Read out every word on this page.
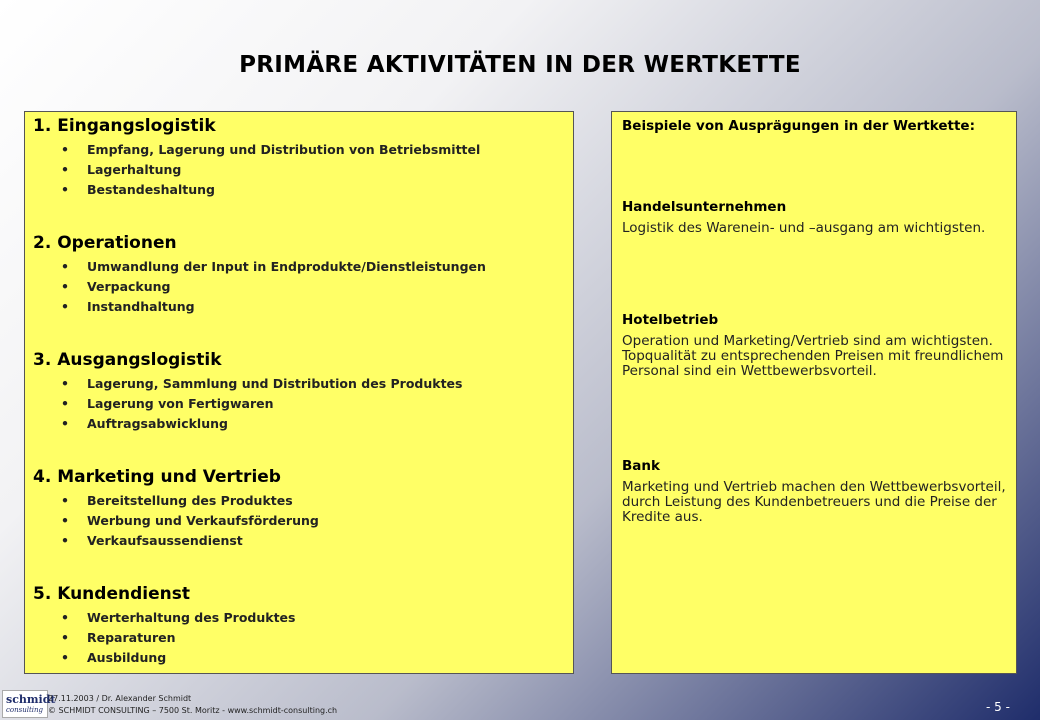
PRIMÄRE AKTIVITÄTEN IN DER WERTKETTE

1. Eingangslogistik

• Empfang, Lagerung und Distribution von Betriebsmittel
• Lagerhaltung
• Bestandeshaltung

2. Operationen

• Umwandlung der Input in Endprodukte/Dienstleistungen
• Verpackung
• Instandhaltung

3. Ausgangslogistik

• Lagerung, Sammlung und Distribution des Produktes
• Lagerung von Fertigwaren
• Auftragsabwicklung

4. Marketing und Vertrieb

• Bereitstellung des Produktes
• Werbung und Verkaufsförderung
• Verkaufsaussendienst

5. Kundendienst

• Werterhaltung des Produktes
• Reparaturen
• Ausbildung

Beispiele von Ausprägungen in der Wertkette:

Handelsunternehmen

Logistik des Warenein- und –ausgang am wichtigsten.

Hotelbetrieb

Operation und Marketing/Vertrieb sind am wichtigsten. Topqualität zu entsprechenden Preisen mit freundlichem Personal sind ein Wettbewerbsvorteil.

Bank

Marketing und Vertrieb machen den Wettbewerbsvorteil, durch Leistung des Kundenbetreuers und die Preise der Kredite aus.

schmidt
consulting
27.11.2003 / Dr. Alexander Schmidt
© SCHMIDT CONSULTING – 7500 St. Moritz - www.schmidt-consulting.ch	- 5 -
